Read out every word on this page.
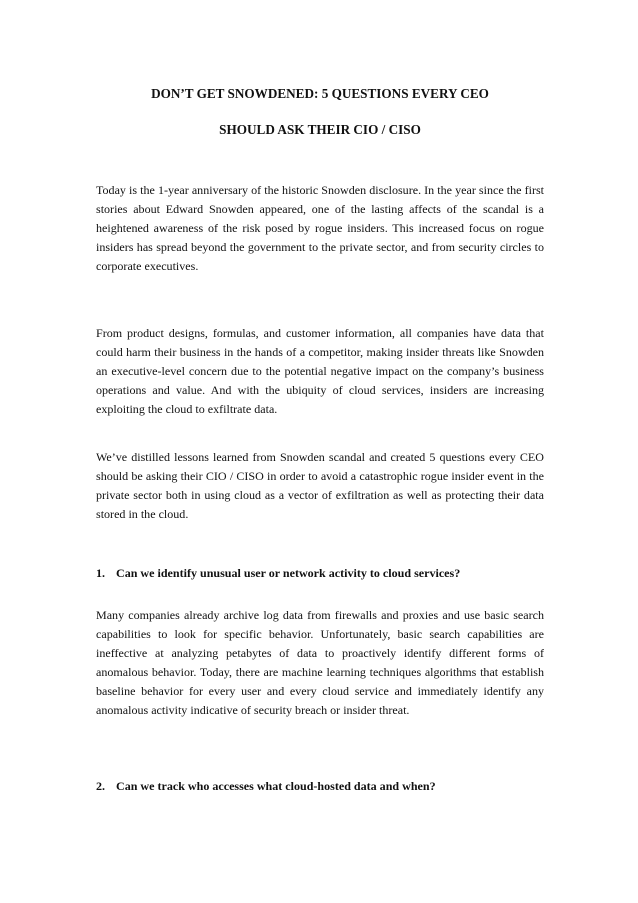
DON’T GET SNOWDENED: 5 QUESTIONS EVERY CEO
SHOULD ASK THEIR CIO / CISO

Today is the 1-year anniversary of the historic Snowden disclosure. In the year since the first stories about Edward Snowden appeared, one of the lasting affects of the scandal is a heightened awareness of the risk posed by rogue insiders. This increased focus on rogue insiders has spread beyond the government to the private sector, and from security circles to corporate executives.

From product designs, formulas, and customer information, all companies have data that could harm their business in the hands of a competitor, making insider threats like Snowden an executive-level concern due to the potential negative impact on the company’s business operations and value. And with the ubiquity of cloud services, insiders are increasing exploiting the cloud to exfiltrate data.

We’ve distilled lessons learned from Snowden scandal and created 5 questions every CEO should be asking their CIO / CISO in order to avoid a catastrophic rogue insider event in the private sector both in using cloud as a vector of exfiltration as well as protecting their data stored in the cloud.

1. Can we identify unusual user or network activity to cloud services?

Many companies already archive log data from firewalls and proxies and use basic search capabilities to look for specific behavior. Unfortunately, basic search capabilities are ineffective at analyzing petabytes of data to proactively identify different forms of anomalous behavior. Today, there are machine learning techniques algorithms that establish baseline behavior for every user and every cloud service and immediately identify any anomalous activity indicative of security breach or insider threat.

2. Can we track who accesses what cloud-hosted data and when?
